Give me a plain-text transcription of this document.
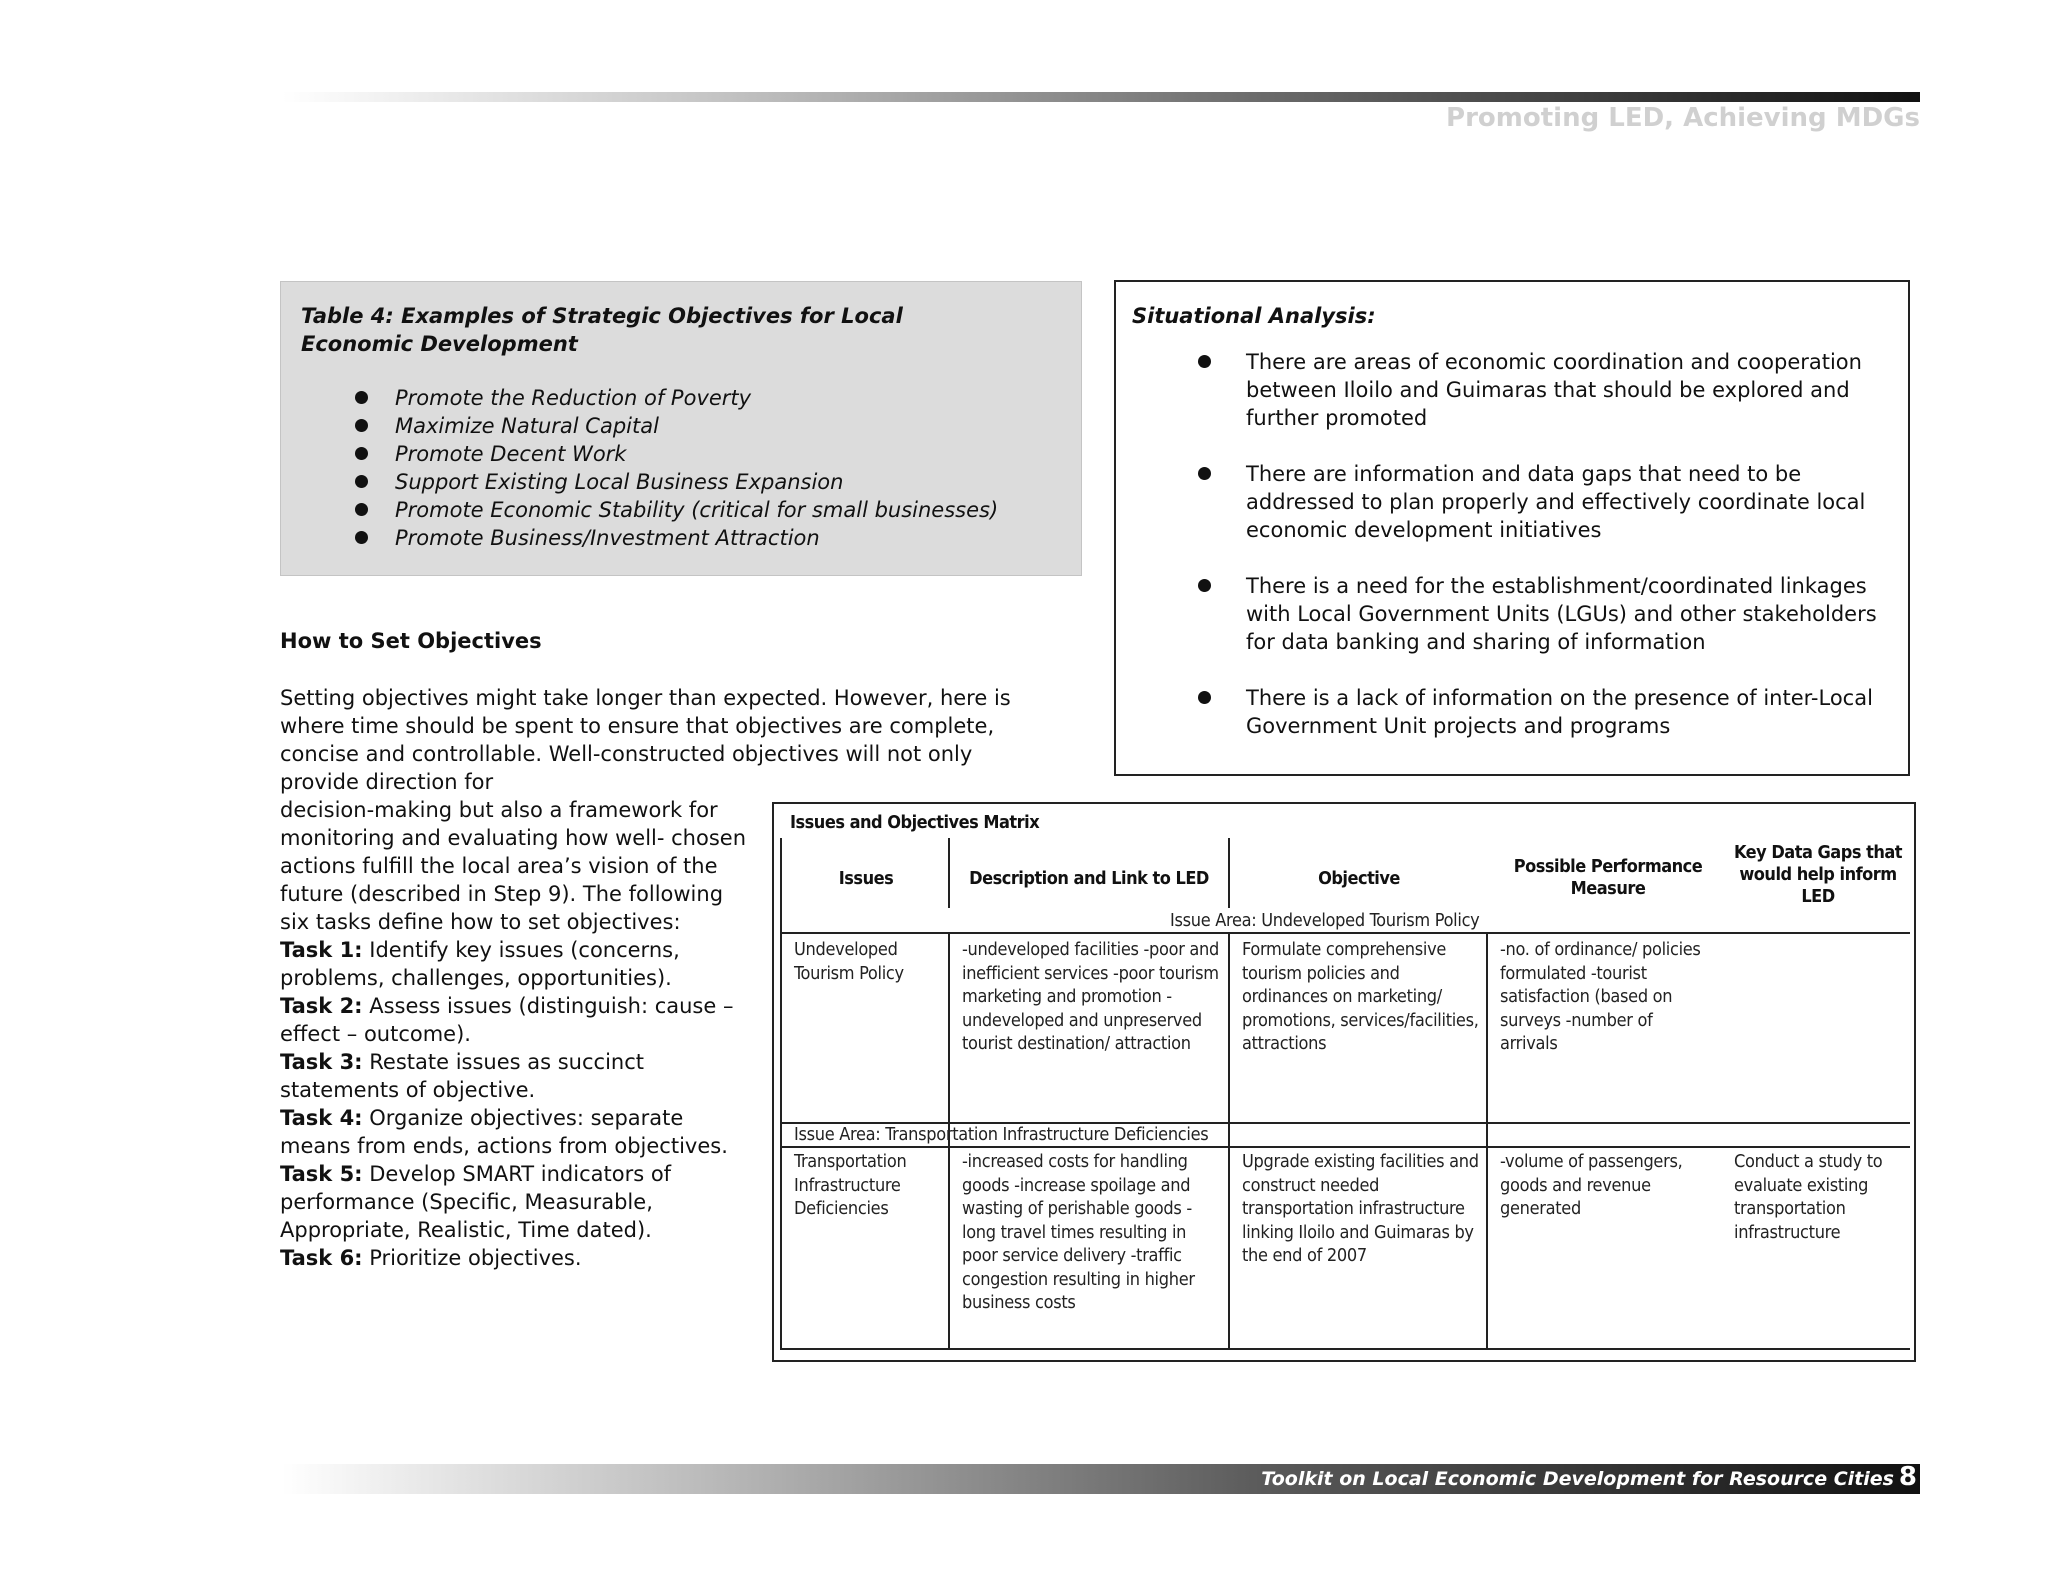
Promoting LED, Achieving MDGs
Table 4: Examples of Strategic Objectives for Local Economic Development
Promote the Reduction of Poverty
Maximize Natural Capital
Promote Decent Work
Support Existing Local Business Expansion
Promote Economic Stability (critical for small businesses)
Promote Business/Investment Attraction
Situational Analysis:
There are areas of economic coordination and cooperation between Iloilo and Guimaras that should be explored and further promoted
There are information and data gaps that need to be addressed to plan properly and effectively coordinate local economic development initiatives
There is a need for the establishment/coordinated linkages with Local Government Units (LGUs) and other stakeholders for data banking and sharing of information
There is a lack of information on the presence of inter-Local Government Unit projects and programs
How to Set Objectives
Setting objectives might take longer than expected. However, here is where time should be spent to ensure that objectives are complete, concise and controllable. Well-constructed objectives will not only provide direction for
decision-making but also a framework for monitoring and evaluating how well- chosen actions fulfill the local area’s vision of the future (described in Step 9). The following six tasks define how to set objectives:

Task 1: Identify key issues (concerns, problems, challenges, opportunities).

Task 2: Assess issues (distinguish: cause – effect – outcome).

Task 3: Restate issues as succinct statements of objective.

Task 4: Organize objectives: separate means from ends, actions from objectives.

Task 5: Develop SMART indicators of performance (Specific, Measurable, Appropriate, Realistic, Time dated).

Task 6: Prioritize objectives.

Issues and Objectives Matrix
Issues	Description and Link to LED	Objective
Possible Performance Measure
Key Data Gaps that would help inform LED
Issue Area: Undeveloped Tourism Policy
Undeveloped Tourism Policy
-undeveloped facilities -poor and inefficient services -poor tourism marketing and promotion -undeveloped and unpreserved tourist destination/ attraction
Formulate comprehensive tourism policies and ordinances on marketing/ promotions, services/facilities, attractions
-no. of ordinance/ policies formulated -tourist satisfaction (based on surveys -number of arrivals
Issue Area: Transportation Infrastructure Deficiencies
Transportation Infrastructure Deficiencies
-increased costs for handling goods -increase spoilage and wasting of perishable goods -long travel times resulting in poor service delivery -traffic congestion resulting in higher business costs
Upgrade existing facilities and construct needed transportation infrastructure linking Iloilo and Guimaras by the end of 2007
-volume of passengers, goods and revenue generated
Conduct a study to evaluate existing transportation infrastructure
Toolkit on Local Economic Development for Resource Cities 8
